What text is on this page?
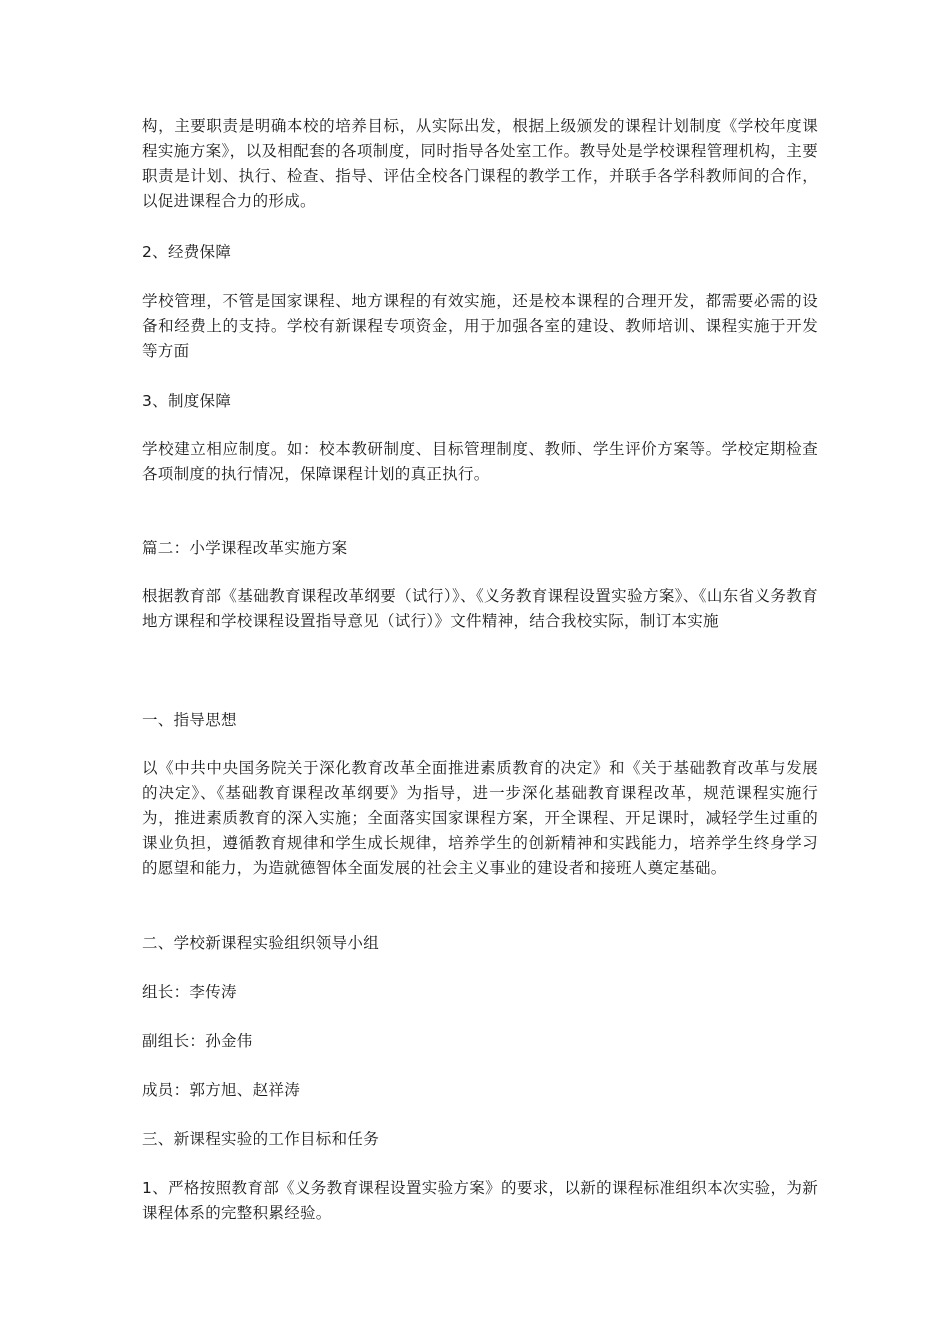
构，主要职责是明确本校的培养目标，从实际出发，根据上级颁发的课程计划制度《学校年度课程实施方案》，以及相配套的各项制度，同时指导各处室工作。教导处是学校课程管理机构，主要职责是计划、执行、检查、指导、评估全校各门课程的教学工作，并联手各学科教师间的合作，以促进课程合力的形成。

2、经费保障

学校管理，不管是国家课程、地方课程的有效实施，还是校本课程的合理开发，都需要必需的设备和经费上的支持。学校有新课程专项资金，用于加强各室的建设、教师培训、课程实施于开发等方面

3、制度保障

学校建立相应制度。如：校本教研制度、目标管理制度、教师、学生评价方案等。学校定期检查各项制度的执行情况，保障课程计划的真正执行。

篇二：小学课程改革实施方案

根据教育部《基础教育课程改革纲要（试行）》、《义务教育课程设置实验方案》、《山东省义务教育地方课程和学校课程设置指导意见（试行）》文件精神，结合我校实际，制订本实施

一、指导思想

以《中共中央国务院关于深化教育改革全面推进素质教育的决定》和《关于基础教育改革与发展的决定》、《基础教育课程改革纲要》为指导，进一步深化基础教育课程改革，规范课程实施行为，推进素质教育的深入实施；全面落实国家课程方案，开全课程、开足课时，减轻学生过重的课业负担，遵循教育规律和学生成长规律，培养学生的创新精神和实践能力，培养学生终身学习的愿望和能力，为造就德智体全面发展的社会主义事业的建设者和接班人奠定基础。

二、学校新课程实验组织领导小组

组长：李传涛

副组长：孙金伟

成员：郭方旭、赵祥涛

三、新课程实验的工作目标和任务

1、严格按照教育部《义务教育课程设置实验方案》的要求，以新的课程标准组织本次实验，为新课程体系的完整积累经验。
